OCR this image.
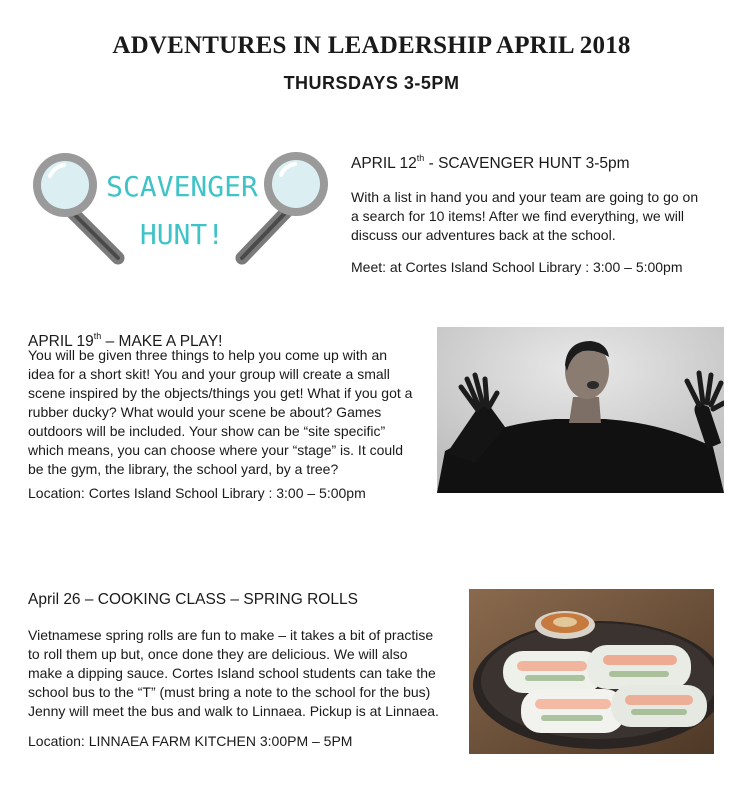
ADVENTURES IN LEADERSHIP APRIL 2018
THURSDAYS 3-5PM
SCAVENGER
HUNT!
APRIL 12th - SCAVENGER HUNT 3-5pm
With a list in hand you and your team are going to go on
a search for 10 items! After we find everything, we will
discuss our adventures back at the school.
Meet: at Cortes Island School Library : 3:00 – 5:00pm
APRIL 19th – MAKE A PLAY!
You will be given three things to help you come up with an
idea for a short skit! You and your group will create a small
scene inspired by the objects/things you get! What if you got a
rubber ducky? What would your scene be about? Games
outdoors will be included. Your show can be “site specific”
which means, you can choose where your “stage” is. It could
be the gym, the library, the school yard, by a tree?
Location: Cortes Island School Library : 3:00 – 5:00pm
April 26 – COOKING CLASS – SPRING ROLLS
Vietnamese spring rolls are fun to make – it takes a bit of practise
to roll them up but, once done they are delicious. We will also
make a dipping sauce. Cortes Island school students can take the
school bus to the “T” (must bring a note to the school for the bus)
Jenny will meet the bus and walk to Linnaea. Pickup is at Linnaea.
Location: LINNAEA FARM KITCHEN 3:00PM – 5PM
